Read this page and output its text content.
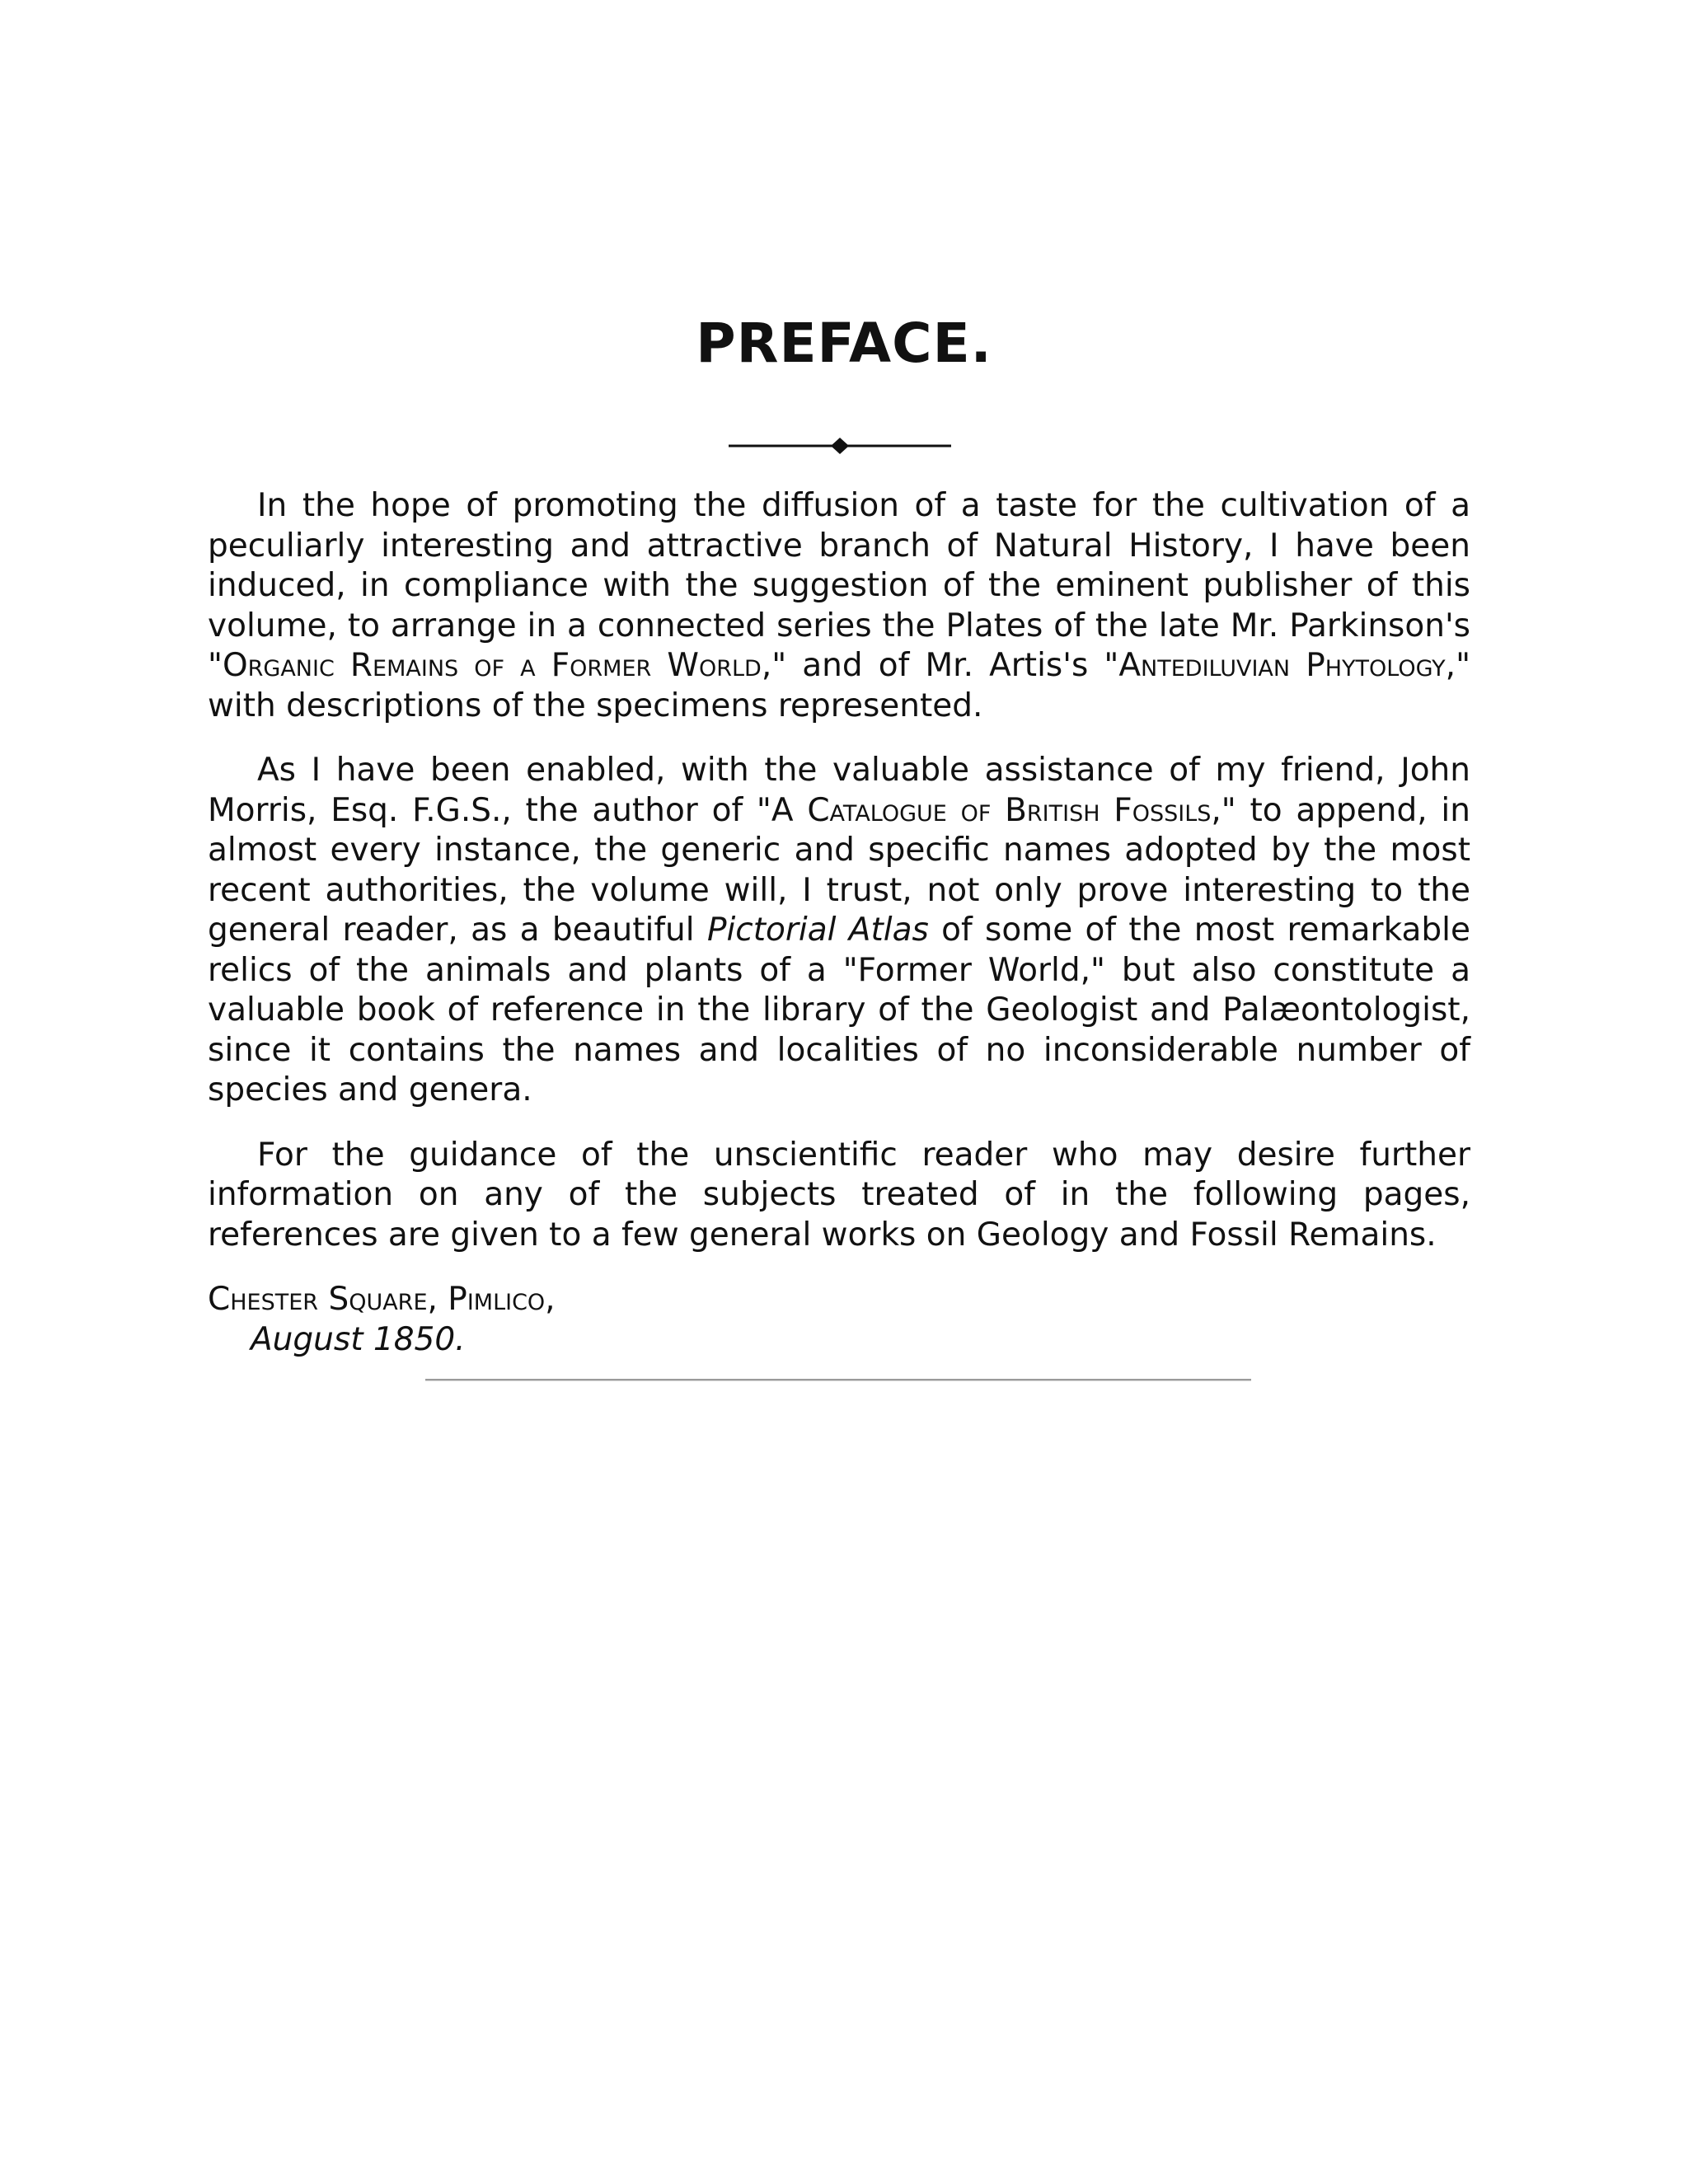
PREFACE.

In the hope of promoting the diffusion of a taste for the cultivation of a peculiarly interesting and attractive branch of Natural History, I have been induced, in compliance with the suggestion of the eminent publisher of this volume, to arrange in a connected series the Plates of the late Mr. Parkinson's "Organic Remains of a Former World," and of Mr. Artis's "Antediluvian Phytology," with descriptions of the specimens represented.

As I have been enabled, with the valuable assistance of my friend, John Morris, Esq. F.G.S., the author of "A Catalogue of British Fossils," to append, in almost every instance, the generic and specific names adopted by the most recent authorities, the volume will, I trust, not only prove interesting to the general reader, as a beautiful Pictorial Atlas of some of the most remarkable relics of the animals and plants of a "Former World," but also constitute a valuable book of reference in the library of the Geologist and Palæontologist, since it contains the names and localities of no inconsiderable number of species and genera.

For the guidance of the unscientific reader who may desire further information on any of the subjects treated of in the following pages, references are given to a few general works on Geology and Fossil Remains.

Chester Square, Pimlico,
August 1850.
